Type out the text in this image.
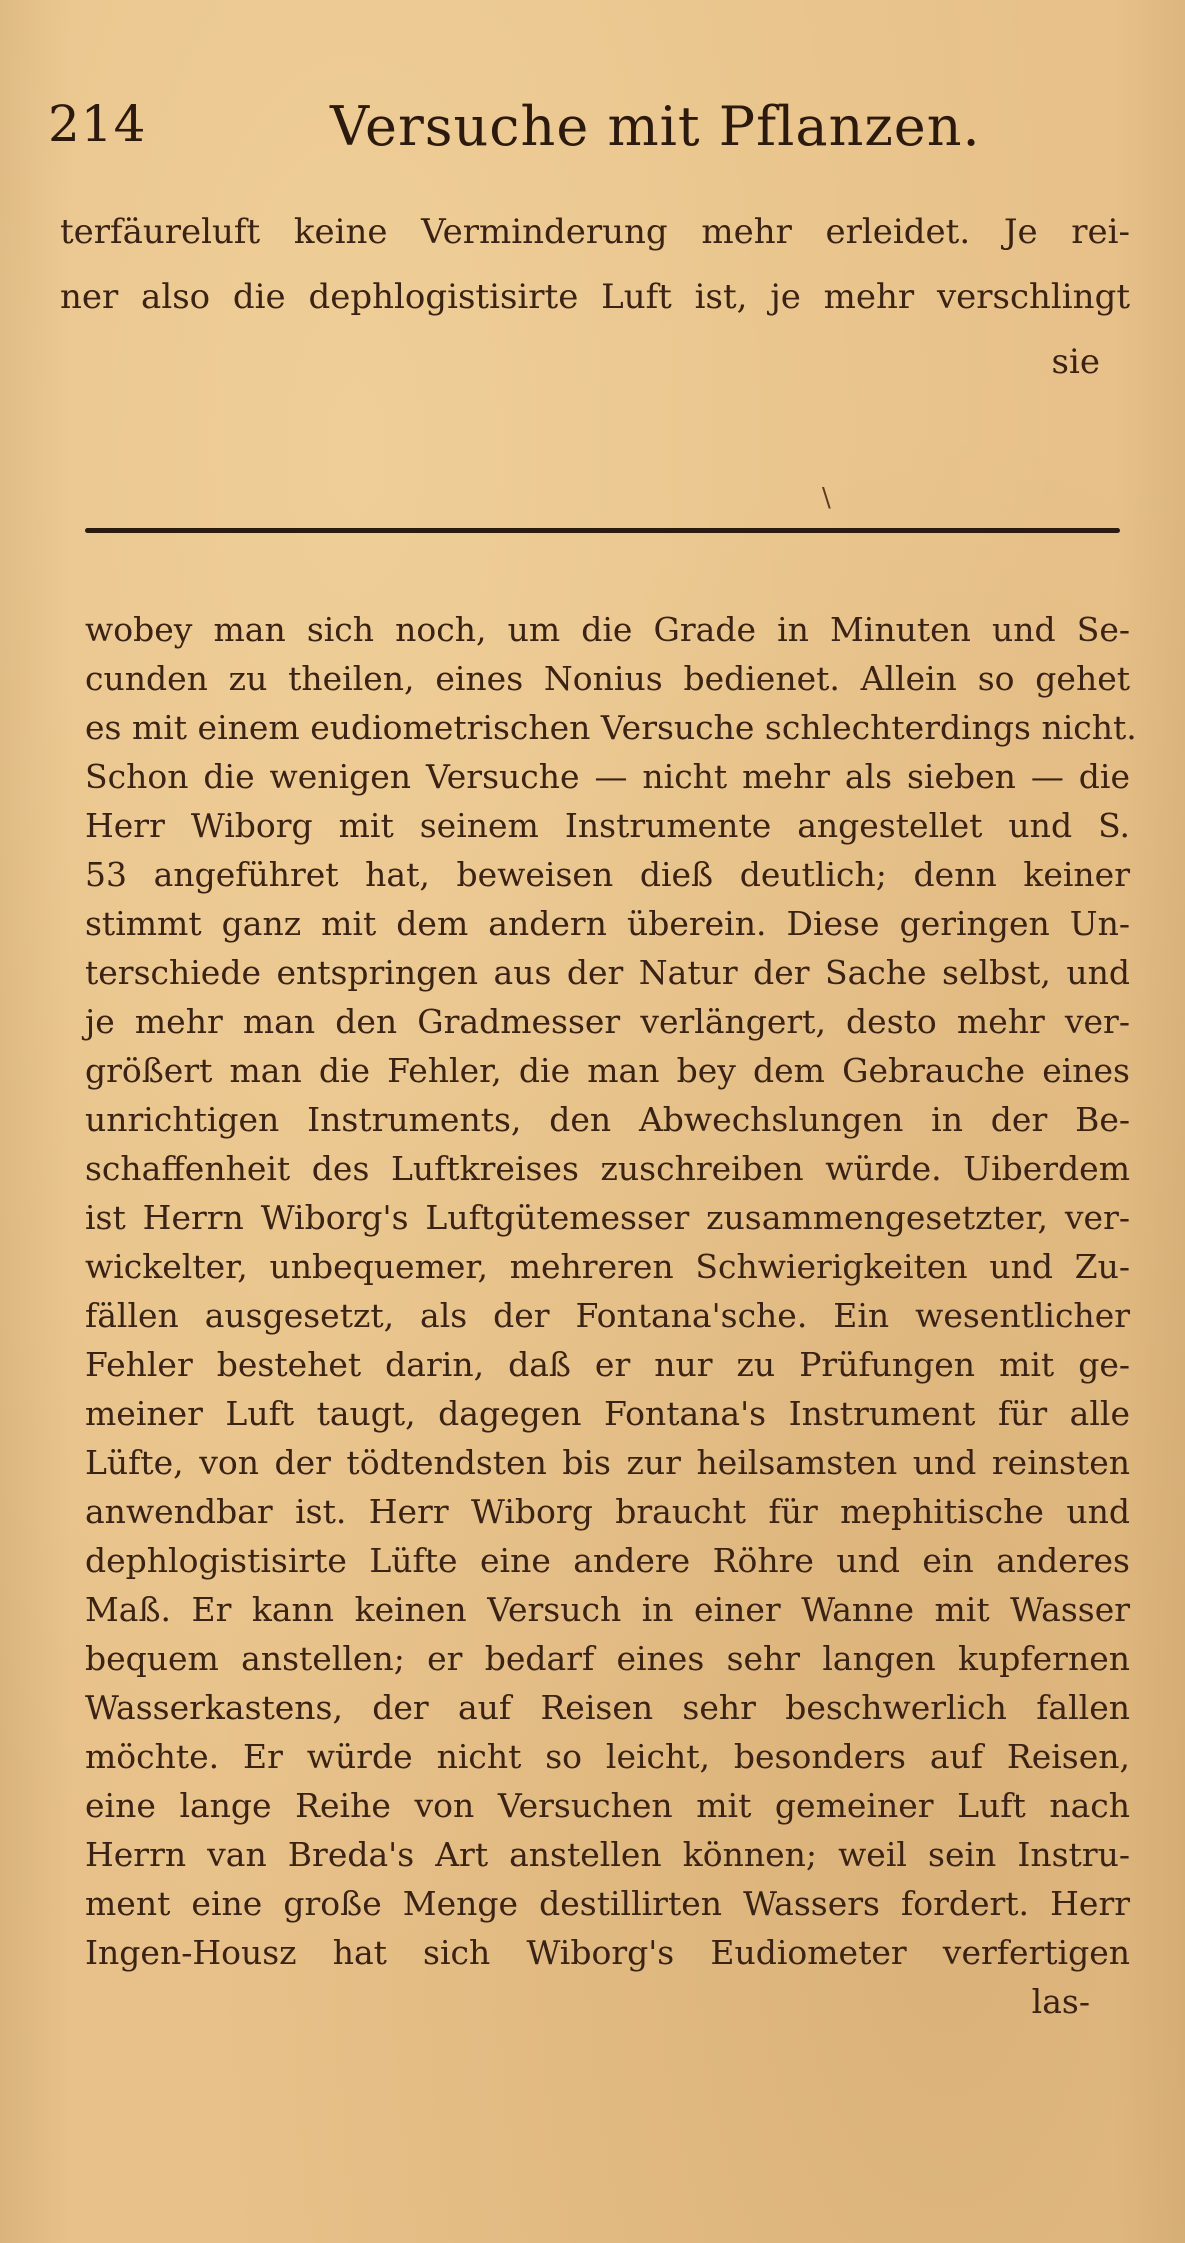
214	Versuche mit Pflanzen.
terfäureluft keine Verminderung mehr erleidet. Je rei-
ner also die dephlogistisirte Luft ist, je mehr verschlingt
sie
\
wobey man sich noch, um die Grade in Minuten und Se-
cunden zu theilen, eines Nonius bedienet. Allein so gehet
es mit einem eudiometrischen Versuche schlechterdings nicht.
Schon die wenigen Versuche — nicht mehr als sieben — die
Herr Wiborg mit seinem Instrumente angestellet und S.
53 angeführet hat, beweisen dieß deutlich; denn keiner
stimmt ganz mit dem andern überein. Diese geringen Un-
terschiede entspringen aus der Natur der Sache selbst, und
je mehr man den Gradmesser verlängert, desto mehr ver-
größert man die Fehler, die man bey dem Gebrauche eines
unrichtigen Instruments, den Abwechslungen in der Be-
schaffenheit des Luftkreises zuschreiben würde. Uiberdem
ist Herrn Wiborg's Luftgütemesser zusammengesetzter, ver-
wickelter, unbequemer, mehreren Schwierigkeiten und Zu-
fällen ausgesetzt, als der Fontana'sche. Ein wesentlicher
Fehler bestehet darin, daß er nur zu Prüfungen mit ge-
meiner Luft taugt, dagegen Fontana's Instrument für alle
Lüfte, von der tödtendsten bis zur heilsamsten und reinsten
anwendbar ist. Herr Wiborg braucht für mephitische und
dephlogistisirte Lüfte eine andere Röhre und ein anderes
Maß. Er kann keinen Versuch in einer Wanne mit Wasser
bequem anstellen; er bedarf eines sehr langen kupfernen
Wasserkastens, der auf Reisen sehr beschwerlich fallen
möchte. Er würde nicht so leicht, besonders auf Reisen,
eine lange Reihe von Versuchen mit gemeiner Luft nach
Herrn van Breda's Art anstellen können; weil sein Instru-
ment eine große Menge destillirten Wassers fordert. Herr
Ingen-Housz hat sich Wiborg's Eudiometer verfertigen
las-
